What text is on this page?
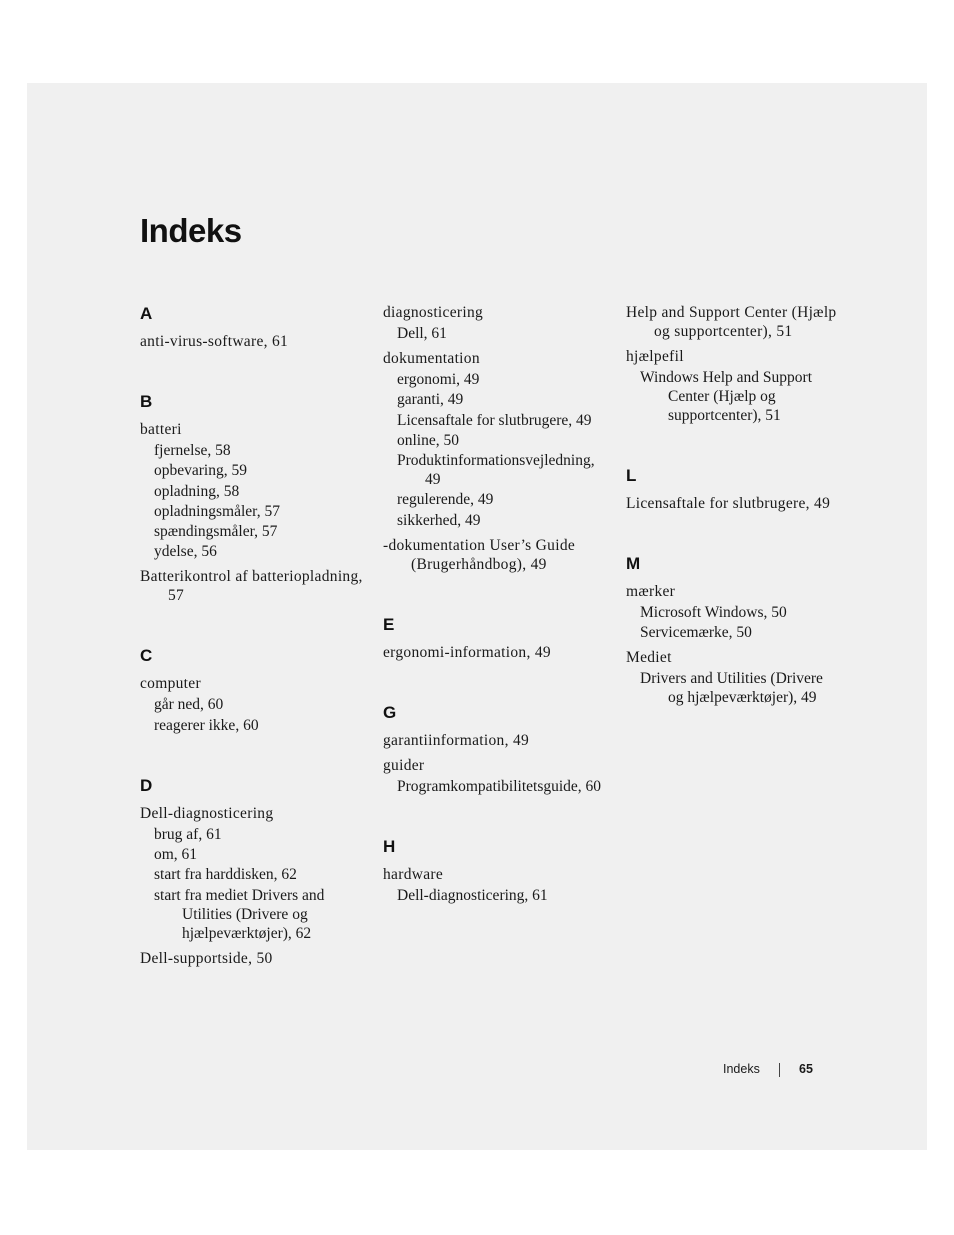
Indeks
A
anti-virus-software, 61
B
batteri
fjernelse, 58
opbevaring, 59
opladning, 58
opladningsmåler, 57
spændingsmåler, 57
ydelse, 56
Batterikontrol af batteriopladning, 57
C
computer
går ned, 60
reagerer ikke, 60
D
Dell-diagnosticering
brug af, 61
om, 61
start fra harddisken, 62
start fra mediet Drivers and Utilities (Drivere og hjælpeværktøjer), 62
Dell-supportside, 50
diagnosticering
Dell, 61
dokumentation
ergonomi, 49
garanti, 49
Licensaftale for slutbrugere, 49
online, 50
Produktinformationsvejledning, 49
regulerende, 49
sikkerhed, 49
-dokumentation User’s Guide (Brugerhåndbog), 49
E
ergonomi-information, 49
G
garantiinformation, 49
guider
Programkompatibilitetsguide, 60
H
hardware
Dell-diagnosticering, 61
Help and Support Center (Hjælp og supportcenter), 51
hjælpefil
Windows Help and Support Center (Hjælp og supportcenter), 51
L
Licensaftale for slutbrugere, 49
M
mærker
Microsoft Windows, 50
Servicemærke, 50
Mediet
Drivers and Utilities (Drivere og hjælpeværktøjer), 49
Indeks	65
